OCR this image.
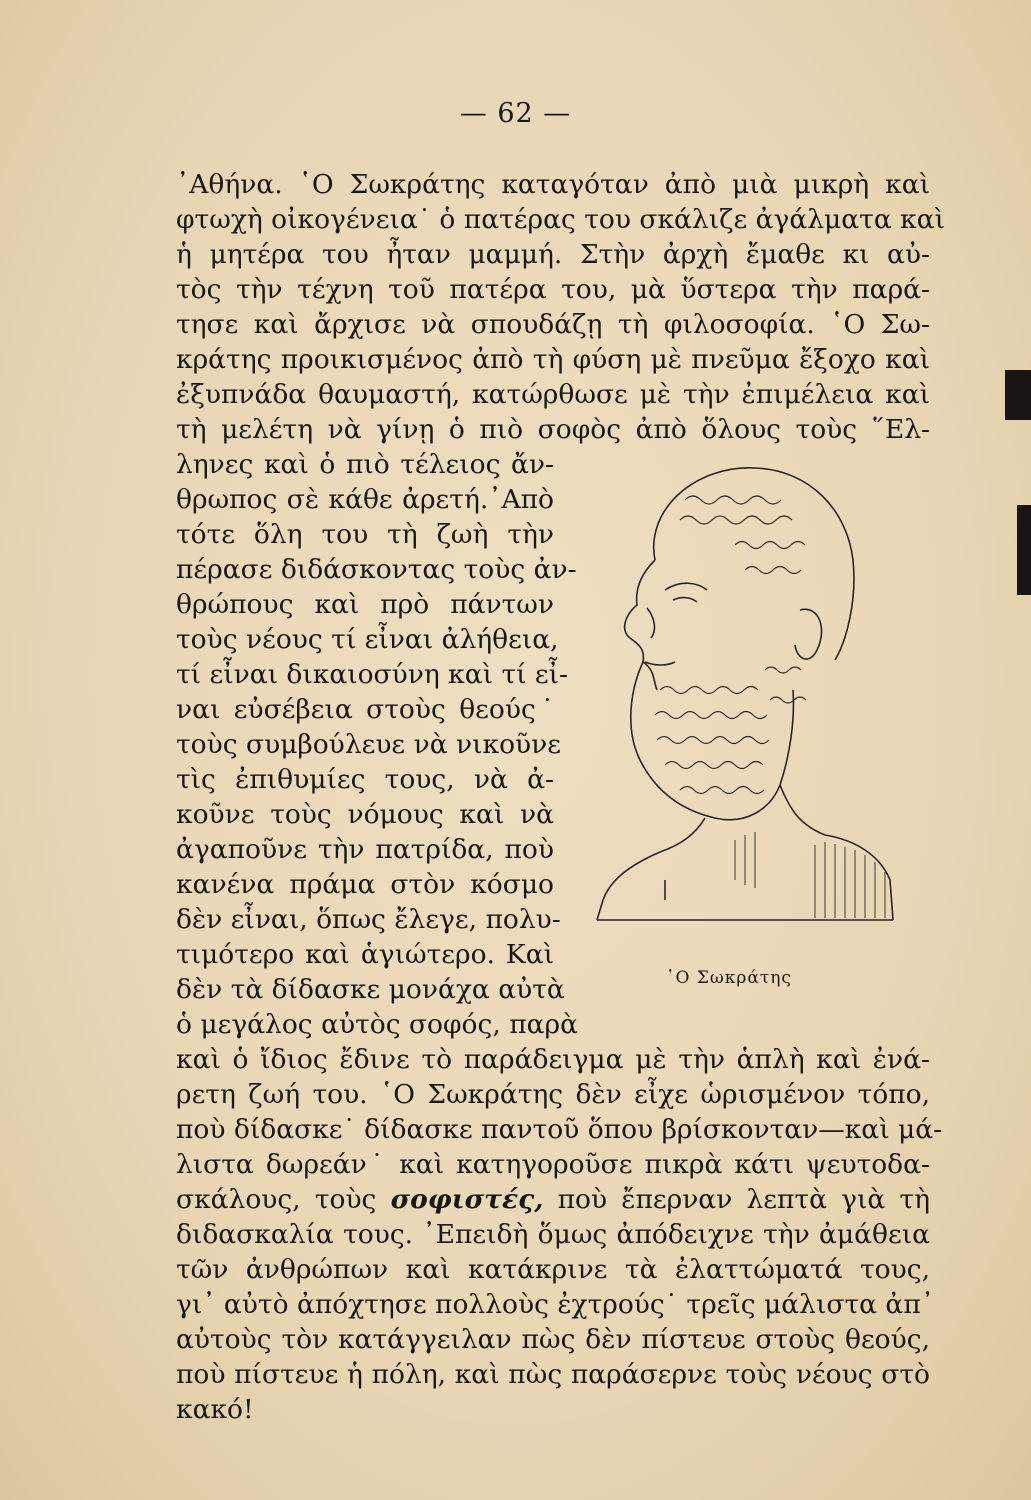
— 62 —
᾿Αθήνα. ῾Ο Σωκράτης καταγόταν ἀπὸ μιὰ μικρὴ καὶ
φτωχὴ οἰκογένεια˙ ὁ πατέρας του σκάλιζε ἀγάλματα καὶ
ἡ μητέρα του ἦταν μαμμή. Στὴν ἀρχὴ ἔμαθε κι αὐ-
τὸς τὴν τέχνη τοῦ πατέρα του, μὰ ὕστερα τὴν παρά-
τησε καὶ ἄρχισε νὰ σπουδάζῃ τὴ φιλοσοφία. ῾Ο Σω-
κράτης προικισμένος ἀπὸ τὴ φύση μὲ πνεῦμα ἔξοχο καὶ
ἐξυπνάδα θαυμαστή, κατώρθωσε μὲ τὴν ἐπιμέλεια καὶ
τὴ μελέτη νὰ γίνῃ ὁ πιὸ σοφὸς ἀπὸ ὅλους τοὺς ῞Ελ-
ληνες καὶ ὁ πιὸ τέλειος ἄν-
θρωπος σὲ κάθε ἀρετή.᾿Απὸ
τότε ὅλη του τὴ ζωὴ τὴν
πέρασε διδάσκοντας τοὺς ἀν-
θρώπους καὶ πρὸ πάντων
τοὺς νέους τί εἶναι ἀλήθεια,
τί εἶναι δικαιοσύνη καὶ τί εἶ-
ναι εὐσέβεια στοὺς θεούς˙
τοὺς συμβούλευε νὰ νικοῦνε
τὶς ἐπιθυμίες τους, νὰ ἀ-
κοῦνε τοὺς νόμους καὶ νὰ
ἀγαποῦνε τὴν πατρίδα, ποὺ
κανένα πράμα στὸν κόσμο
δὲν εἶναι, ὅπως ἔλεγε, πολυ-
τιμότερο καὶ ἁγιώτερο. Καὶ
δὲν τὰ δίδασκε μονάχα αὐτὰ
ὁ μεγάλος αὐτὸς σοφός, παρὰ
καὶ ὁ ἴδιος ἔδινε τὸ παράδειγμα μὲ τὴν ἁπλὴ καὶ ἐνά-
ρετη ζωή του. ῾Ο Σωκράτης δὲν εἶχε ὡρισμένον τόπο,
ποὺ δίδασκε˙ δίδασκε παντοῦ ὅπου βρίσκονταν—καὶ μά-
λιστα δωρεάν˙ καὶ κατηγοροῦσε πικρὰ κάτι ψευτοδα-
σκάλους, τοὺς σοφιστές, ποὺ ἔπερναν λεπτὰ γιὰ τὴ
διδασκαλία τους. ᾿Επειδὴ ὅμως ἀπόδειχνε τὴν ἀμάθεια
τῶν ἀνθρώπων καὶ κατάκρινε τὰ ἐλαττώματά τους,
γι᾿ αὐτὸ ἀπόχτησε πολλοὺς ἐχτρούς˙ τρεῖς μάλιστα ἀπ᾿
αὐτοὺς τὸν κατάγγειλαν πὼς δὲν πίστευε στοὺς θεούς,
ποὺ πίστευε ἡ πόλη, καὶ πὼς παράσερνε τοὺς νέους στὸ
κακό!
῾Ο Σωκράτης
